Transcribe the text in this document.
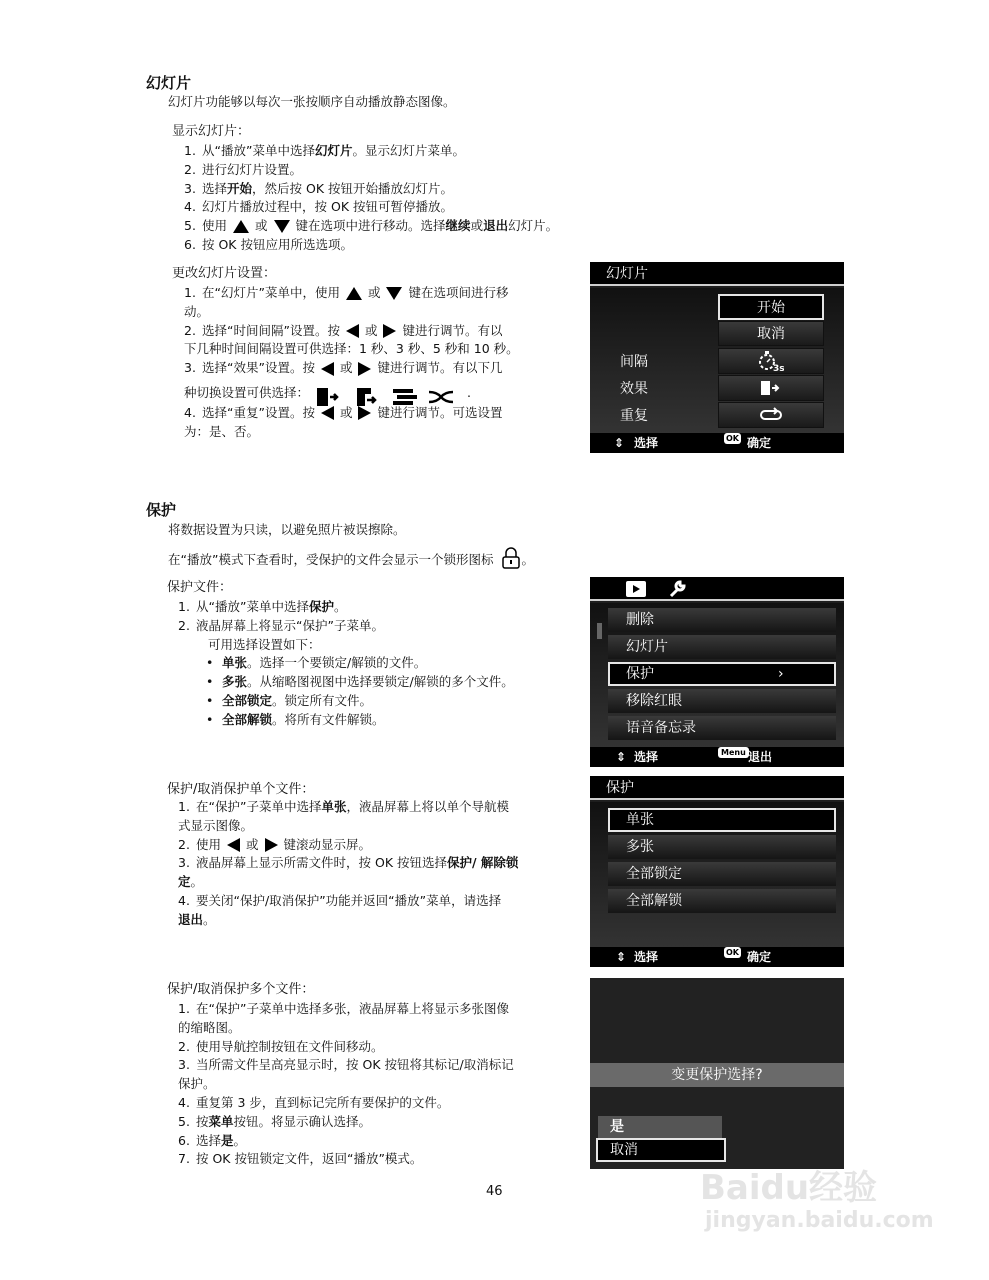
幻灯片
幻灯片功能够以每次一张按顺序自动播放静态图像。
显示幻灯片：
1. 从“播放”菜单中选择幻灯片。显示幻灯片菜单。
2. 进行幻灯片设置。
3. 选择开始，然后按 OK 按钮开始播放幻灯片。
4. 幻灯片播放过程中，按 OK 按钮可暂停播放。
5. 使用 或 键在选项中进行移动。选择继续或退出幻灯片。
6. 按 OK 按钮应用所选选项。
更改幻灯片设置：
1. 在“幻灯片”菜单中，使用 或 键在选项间进行移
动。
2. 选择“时间间隔”设置。按 或 键进行调节。有以
下几种时间间隔设置可供选择：1 秒、3 秒、5 秒和 10 秒。
3. 选择“效果”设置。按 或 键进行调节。有以下几
种切换设置可供选择：	.
4. 选择“重复”设置。按 或 键进行调节。可选设置
为：是、否。
幻灯片
开始
取消
间隔	3s
效果
重复
⇕ 选择	OK 确定
保护
将数据设置为只读，以避免照片被误擦除。
在“播放”模式下查看时，受保护的文件会显示一个锁形图标 。
保护文件：
1. 从“播放”菜单中选择保护。
2. 液晶屏幕上将显示“保护”子菜单。
可用选择设置如下：
• 单张。选择一个要锁定/解锁的文件。
• 多张。从缩略图视图中选择要锁定/解锁的多个文件。
• 全部锁定。锁定所有文件。
• 全部解锁。将所有文件解锁。
删除
幻灯片
保护	›
移除红眼
语音备忘录
⇕ 选择	Menu 退出
保护/取消保护单个文件：
1. 在“保护”子菜单中选择单张，液晶屏幕上将以单个导航模
式显示图像。
2. 使用 或 键滚动显示屏。
3. 液晶屏幕上显示所需文件时，按 OK 按钮选择保护/ 解除锁
定。
4. 要关闭“保护/取消保护”功能并返回“播放”菜单，请选择
退出。
保护
单张
多张
全部锁定
全部解锁
⇕ 选择	OK 确定
保护/取消保护多个文件：
1. 在“保护”子菜单中选择多张，液晶屏幕上将显示多张图像
的缩略图。
2. 使用导航控制按钮在文件间移动。
3. 当所需文件呈高亮显示时，按 OK 按钮将其标记/取消标记
保护。
4. 重复第 3 步，直到标记完所有要保护的文件。
5. 按菜单按钮。将显示确认选择。
6. 选择是。
7. 按 OK 按钮锁定文件，返回“播放”模式。
变更保护选择?
是
取消
46	Baidu经验
jingyan.baidu.com
